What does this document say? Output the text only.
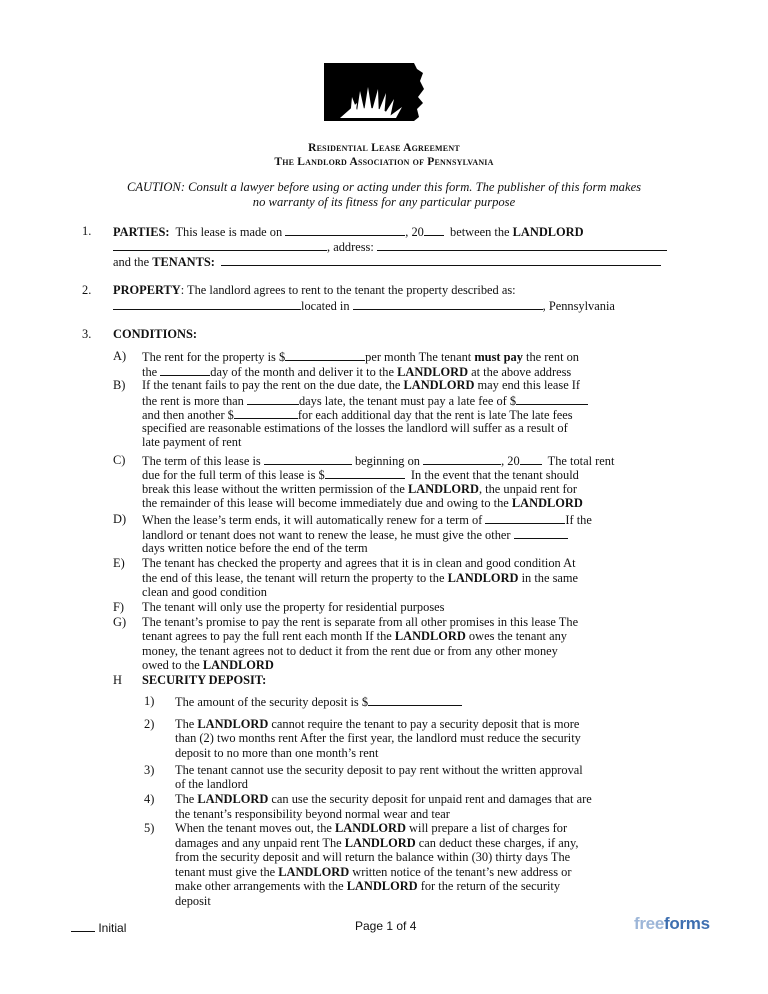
Residential Lease Agreement
The Landlord Association of Pennsylvania
CAUTION: Consult a lawyer before using or acting under this form. The publisher of this form makes
no warranty of its fitness for any particular purpose
1. PARTIES: This lease is made on	, 20 between the LANDLORD
, address:
and the TENANTS:
2. PROPERTY: The landlord agrees to rent to the tenant the property described as:
located in	, Pennsylvania
3. CONDITIONS:
A) The rent for the property is $	per month The tenant must pay the rent on
the	day of the month and deliver it to the LANDLORD at the above address
B) If the tenant fails to pay the rent on the due date, the LANDLORD may end this lease If
the rent is more than	days late, the tenant must pay a late fee of $
and then another $	for each additional day that the rent is late The late fees
specified are reasonable estimations of the losses the landlord will suffer as a result of
late payment of rent
C) The term of this lease is	beginning on	, 20 The total rent
due for the full term of this lease is $	In the event that the tenant should
break this lease without the written permission of the LANDLORD, the unpaid rent for
the remainder of this lease will become immediately due and owing to the LANDLORD
D) When the lease’s term ends, it will automatically renew for a term of	If the
landlord or tenant does not want to renew the lease, he must give the other
days written notice before the end of the term
E) The tenant has checked the property and agrees that it is in clean and good condition At
the end of this lease, the tenant will return the property to the LANDLORD in the same
clean and good condition
F) The tenant will only use the property for residential purposes
G) The tenant’s promise to pay the rent is separate from all other promises in this lease The
tenant agrees to pay the full rent each month If the LANDLORD owes the tenant any
money, the tenant agrees not to deduct it from the rent due or from any other money
owed to the LANDLORD
H SECURITY DEPOSIT:
1) The amount of the security deposit is $
2) The LANDLORD cannot require the tenant to pay a security deposit that is more
than (2) two months rent After the first year, the landlord must reduce the security
deposit to no more than one month’s rent
3) The tenant cannot use the security deposit to pay rent without the written approval
of the landlord
4) The LANDLORD can use the security deposit for unpaid rent and damages that are
the tenant’s responsibility beyond normal wear and tear
5) When the tenant moves out, the LANDLORD will prepare a list of charges for
damages and any unpaid rent The LANDLORD can deduct these charges, if any,
from the security deposit and will return the balance within (30) thirty days The
tenant must give the LANDLORD written notice of the tenant’s new address or
make other arrangements with the LANDLORD for the return of the security
deposit
Initial	Page 1 of 4	freeforms
